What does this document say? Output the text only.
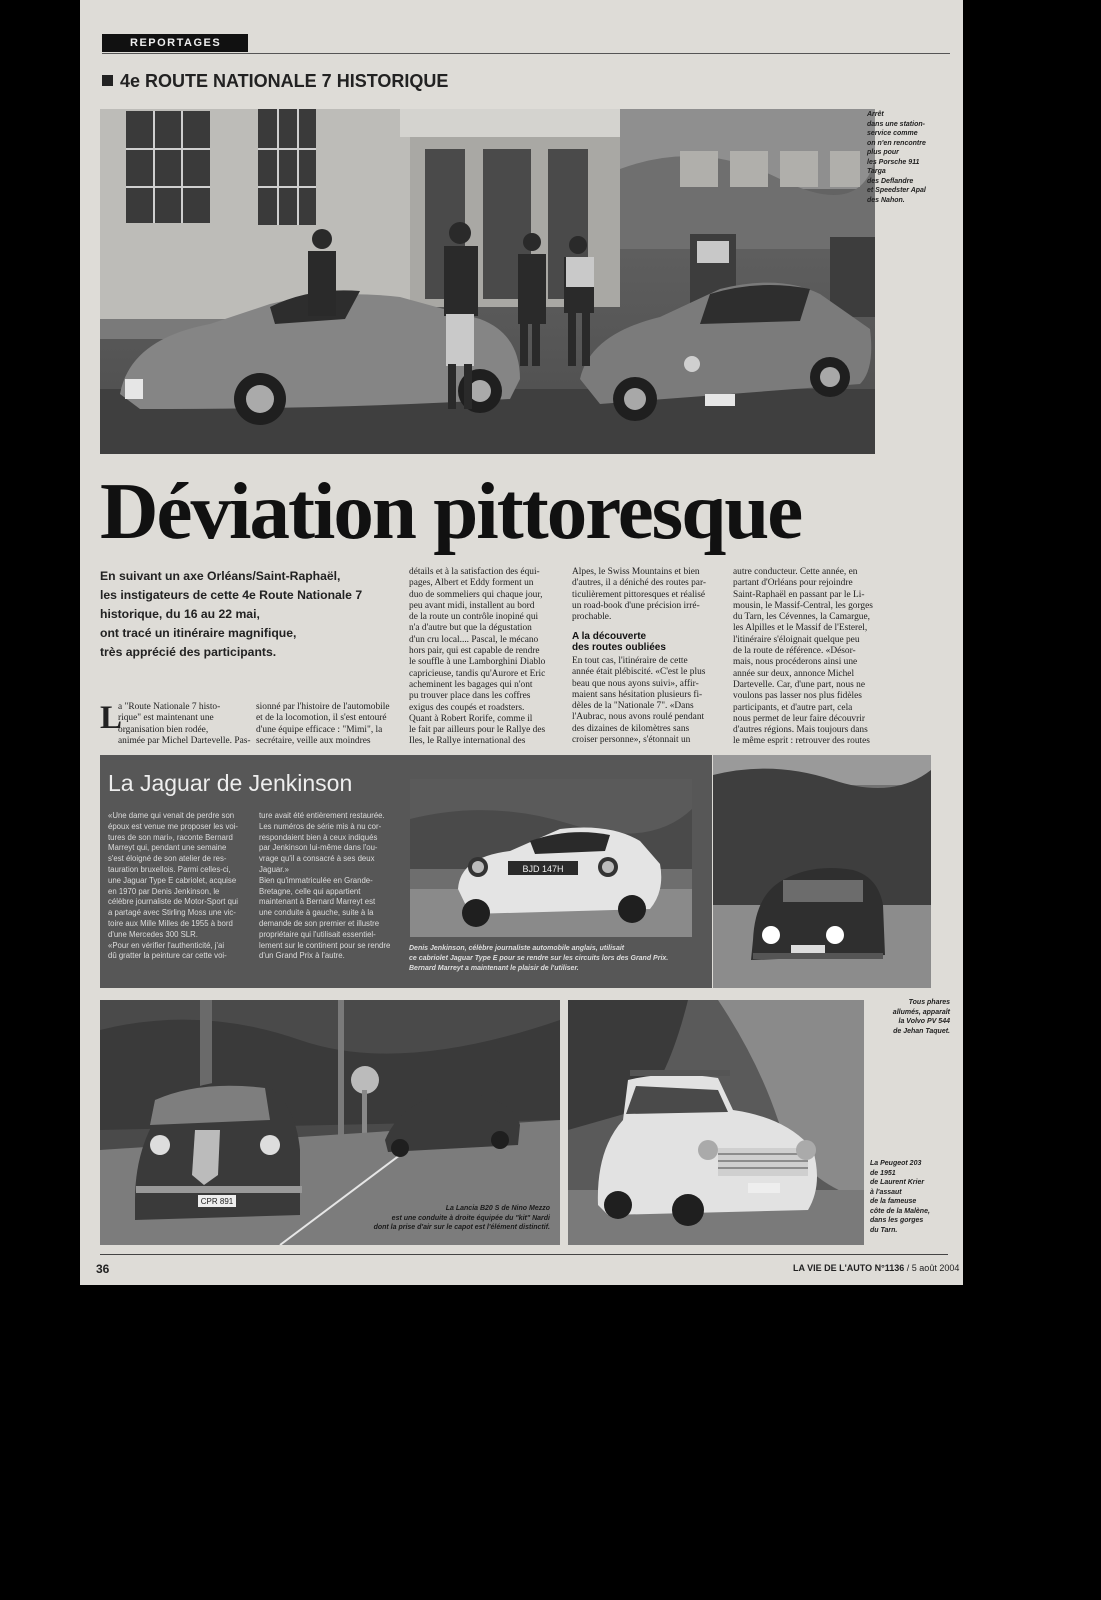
REPORTAGES
4e ROUTE NATIONALE 7 HISTORIQUE
Arrêt
dans une station-
service comme
on n'en rencontre
plus pour
les Porsche 911
Targa
des Deflandre
et Speedster Apal
des Nahon.
Déviation pittoresque
En suivant un axe Orléans/Saint-Raphaël,
les instigateurs de cette 4e Route Nationale 7
historique, du 16 au 22 mai,
ont tracé un itinéraire magnifique,
très apprécié des participants.
L
a "Route Nationale 7 histo-
rique" est maintenant une
organisation bien rodée,
animée par Michel Dartevelle. Pas-
sionné par l'histoire de l'automobile
et de la locomotion, il s'est entouré
d'une équipe efficace : "Mimi", la
secrétaire, veille aux moindres
détails et à la satisfaction des équi-
pages, Albert et Eddy forment un
duo de sommeliers qui chaque jour,
peu avant midi, installent au bord
de la route un contrôle inopiné qui
n'a d'autre but que la dégustation
d'un cru local.... Pascal, le mécano
hors pair, qui est capable de rendre
le souffle à une Lamborghini Diablo
capricieuse, tandis qu'Aurore et Eric
acheminent les bagages qui n'ont
pu trouver place dans les coffres
exigus des coupés et roadsters.
Quant à Robert Rorife, comme il
le fait par ailleurs pour le Rallye des
Iles, le Rallye international des
Alpes, le Swiss Mountains et bien
d'autres, il a déniché des routes par-
ticulièrement pittoresques et réalisé
un road-book d'une précision irré-
prochable.
A la découverte
des routes oubliées
En tout cas, l'itinéraire de cette
année était plébiscité. «C'est le plus
beau que nous ayons suivi», affir-
maient sans hésitation plusieurs fi-
dèles de la "Nationale 7". «Dans
l'Aubrac, nous avons roulé pendant
des dizaines de kilomètres sans
croiser personne», s'étonnait un
autre conducteur. Cette année, en
partant d'Orléans pour rejoindre
Saint-Raphaël en passant par le Li-
mousin, le Massif-Central, les gorges
du Tarn, les Cévennes, la Camargue,
les Alpilles et le Massif de l'Esterel,
l'itinéraire s'éloignait quelque peu
de la route de référence. «Désor-
mais, nous procéderons ainsi une
année sur deux, annonce Michel
Dartevelle. Car, d'une part, nous ne
voulons pas lasser nos plus fidèles
participants, et d'autre part, cela
nous permet de leur faire découvrir
d'autres régions. Mais toujours dans
le même esprit : retrouver des routes
La Jaguar de Jenkinson
«Une dame qui venait de perdre son
époux est venue me proposer les voi-
tures de son mari», raconte Bernard
Marreyt qui, pendant une semaine
s'est éloigné de son atelier de res-
tauration bruxellois. Parmi celles-ci,
une Jaguar Type E cabriolet, acquise
en 1970 par Denis Jenkinson, le
célèbre journaliste de Motor-Sport qui
a partagé avec Stirling Moss une vic-
toire aux Mille Milles de 1955 à bord
d'une Mercedes 300 SLR.
«Pour en vérifier l'authenticité, j'ai
dû gratter la peinture car cette voi-
ture avait été entièrement restaurée.
Les numéros de série mis à nu cor-
respondaient bien à ceux indiqués
par Jenkinson lui-même dans l'ou-
vrage qu'il a consacré à ses deux
Jaguar.»
Bien qu'immatriculée en Grande-
Bretagne, celle qui appartient
maintenant à Bernard Marreyt est
une conduite à gauche, suite à la
demande de son premier et illustre
propriétaire qui l'utilisait essentiel-
lement sur le continent pour se rendre
d'un Grand Prix à l'autre.
BJD 147H
Denis Jenkinson, célèbre journaliste automobile anglais, utilisait
ce cabriolet Jaguar Type E pour se rendre sur les circuits lors des Grand Prix.
Bernard Marreyt a maintenant le plaisir de l'utiliser.
Tous phares
allumés, apparaît
la Volvo PV 544
de Jehan Taquet.
CPR 891
La Lancia B20 S de Nino Mezzo
est une conduite à droite équipée du "kit" Nardi
dont la prise d'air sur le capot est l'élément distinctif.
La Peugeot 203
de 1951
de Laurent Krier
à l'assaut
de la fameuse
côte de la Malène,
dans les gorges
du Tarn.
36	LA VIE DE L'AUTO N°1136 / 5 août 2004
